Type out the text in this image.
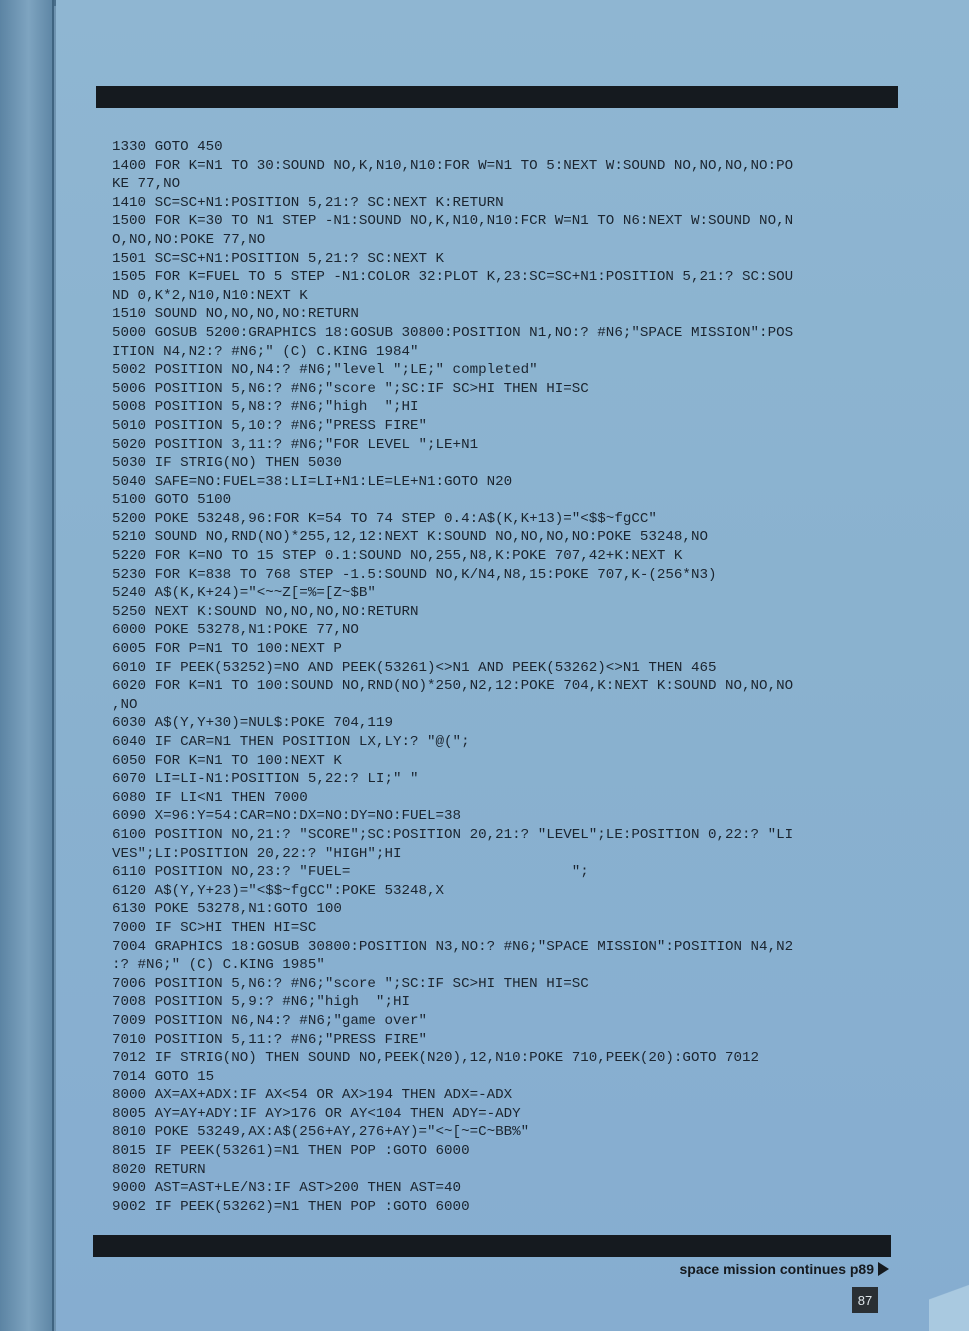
1330 GOTO 450
1400 FOR K=N1 TO 30:SOUND NO,K,N10,N10:FOR W=N1 TO 5:NEXT W:SOUND NO,NO,NO,NO:PO
KE 77,NO
1410 SC=SC+N1:POSITION 5,21:? SC:NEXT K:RETURN
1500 FOR K=30 TO N1 STEP -N1:SOUND NO,K,N10,N10:FCR W=N1 TO N6:NEXT W:SOUND NO,N
O,NO,NO:POKE 77,NO
1501 SC=SC+N1:POSITION 5,21:? SC:NEXT K
1505 FOR K=FUEL TO 5 STEP -N1:COLOR 32:PLOT K,23:SC=SC+N1:POSITION 5,21:? SC:SOU
ND 0,K*2,N10,N10:NEXT K
1510 SOUND NO,NO,NO,NO:RETURN
5000 GOSUB 5200:GRAPHICS 18:GOSUB 30800:POSITION N1,NO:? #N6;"SPACE MISSION":POS
ITION N4,N2:? #N6;" (C) C.KING 1984"
5002 POSITION NO,N4:? #N6;"level ";LE;" completed"
5006 POSITION 5,N6:? #N6;"score ";SC:IF SC>HI THEN HI=SC
5008 POSITION 5,N8:? #N6;"high  ";HI
5010 POSITION 5,10:? #N6;"PRESS FIRE"
5020 POSITION 3,11:? #N6;"FOR LEVEL ";LE+N1
5030 IF STRIG(NO) THEN 5030
5040 SAFE=NO:FUEL=38:LI=LI+N1:LE=LE+N1:GOTO N20
5100 GOTO 5100
5200 POKE 53248,96:FOR K=54 TO 74 STEP 0.4:A$(K,K+13)="<$$~fgCC"
5210 SOUND NO,RND(NO)*255,12,12:NEXT K:SOUND NO,NO,NO,NO:POKE 53248,NO
5220 FOR K=NO TO 15 STEP 0.1:SOUND NO,255,N8,K:POKE 707,42+K:NEXT K
5230 FOR K=838 TO 768 STEP -1.5:SOUND NO,K/N4,N8,15:POKE 707,K-(256*N3)
5240 A$(K,K+24)="<~~Z[=%=[Z~$B"
5250 NEXT K:SOUND NO,NO,NO,NO:RETURN
6000 POKE 53278,N1:POKE 77,NO
6005 FOR P=N1 TO 100:NEXT P
6010 IF PEEK(53252)=NO AND PEEK(53261)<>N1 AND PEEK(53262)<>N1 THEN 465
6020 FOR K=N1 TO 100:SOUND NO,RND(NO)*250,N2,12:POKE 704,K:NEXT K:SOUND NO,NO,NO
,NO
6030 A$(Y,Y+30)=NUL$:POKE 704,119
6040 IF CAR=N1 THEN POSITION LX,LY:? "@(";
6050 FOR K=N1 TO 100:NEXT K
6070 LI=LI-N1:POSITION 5,22:? LI;" "
6080 IF LI<N1 THEN 7000
6090 X=96:Y=54:CAR=NO:DX=NO:DY=NO:FUEL=38
6100 POSITION NO,21:? "SCORE";SC:POSITION 20,21:? "LEVEL";LE:POSITION 0,22:? "LI
VES";LI:POSITION 20,22:? "HIGH";HI
6110 POSITION NO,23:? "FUEL=                          ";
6120 A$(Y,Y+23)="<$$~fgCC":POKE 53248,X
6130 POKE 53278,N1:GOTO 100
7000 IF SC>HI THEN HI=SC
7004 GRAPHICS 18:GOSUB 30800:POSITION N3,NO:? #N6;"SPACE MISSION":POSITION N4,N2
:? #N6;" (C) C.KING 1985"
7006 POSITION 5,N6:? #N6;"score ";SC:IF SC>HI THEN HI=SC
7008 POSITION 5,9:? #N6;"high  ";HI
7009 POSITION N6,N4:? #N6;"game over"
7010 POSITION 5,11:? #N6;"PRESS FIRE"
7012 IF STRIG(NO) THEN SOUND NO,PEEK(N20),12,N10:POKE 710,PEEK(20):GOTO 7012
7014 GOTO 15
8000 AX=AX+ADX:IF AX<54 OR AX>194 THEN ADX=-ADX
8005 AY=AY+ADY:IF AY>176 OR AY<104 THEN ADY=-ADY
8010 POKE 53249,AX:A$(256+AY,276+AY)="<~[~=C~BB%"
8015 IF PEEK(53261)=N1 THEN POP :GOTO 6000
8020 RETURN
9000 AST=AST+LE/N3:IF AST>200 THEN AST=40
9002 IF PEEK(53262)=N1 THEN POP :GOTO 6000
space mission continues p89
87
